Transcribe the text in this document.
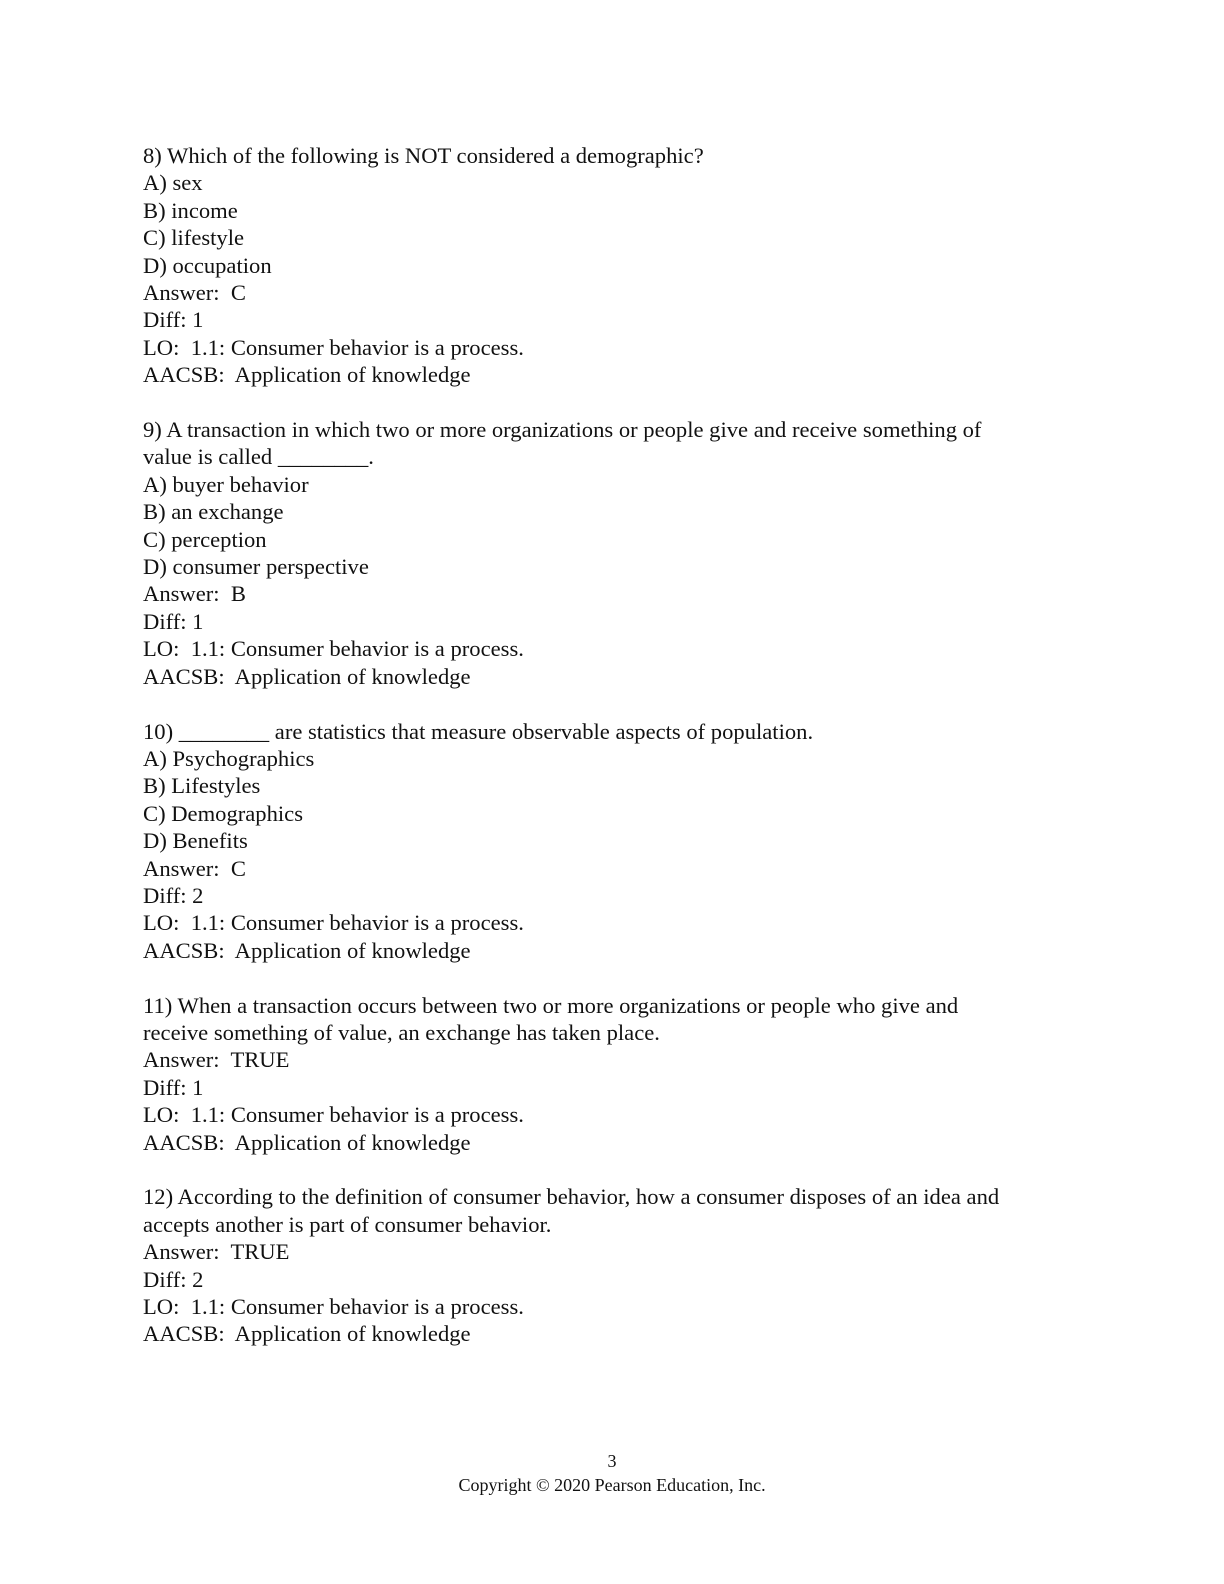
8) Which of the following is NOT considered a demographic?
A) sex
B) income
C) lifestyle
D) occupation
Answer:  C
Diff: 1
LO:  1.1: Consumer behavior is a process.
AACSB:  Application of knowledge
9) A transaction in which two or more organizations or people give and receive something of
value is called ________.
A) buyer behavior
B) an exchange
C) perception
D) consumer perspective
Answer:  B
Diff: 1
LO:  1.1: Consumer behavior is a process.
AACSB:  Application of knowledge
10) ________ are statistics that measure observable aspects of population.
A) Psychographics
B) Lifestyles
C) Demographics
D) Benefits
Answer:  C
Diff: 2
LO:  1.1: Consumer behavior is a process.
AACSB:  Application of knowledge
11) When a transaction occurs between two or more organizations or people who give and
receive something of value, an exchange has taken place.
Answer:  TRUE
Diff: 1
LO:  1.1: Consumer behavior is a process.
AACSB:  Application of knowledge
12) According to the definition of consumer behavior, how a consumer disposes of an idea and
accepts another is part of consumer behavior.
Answer:  TRUE
Diff: 2
LO:  1.1: Consumer behavior is a process.
AACSB:  Application of knowledge
3
Copyright © 2020 Pearson Education, Inc.
